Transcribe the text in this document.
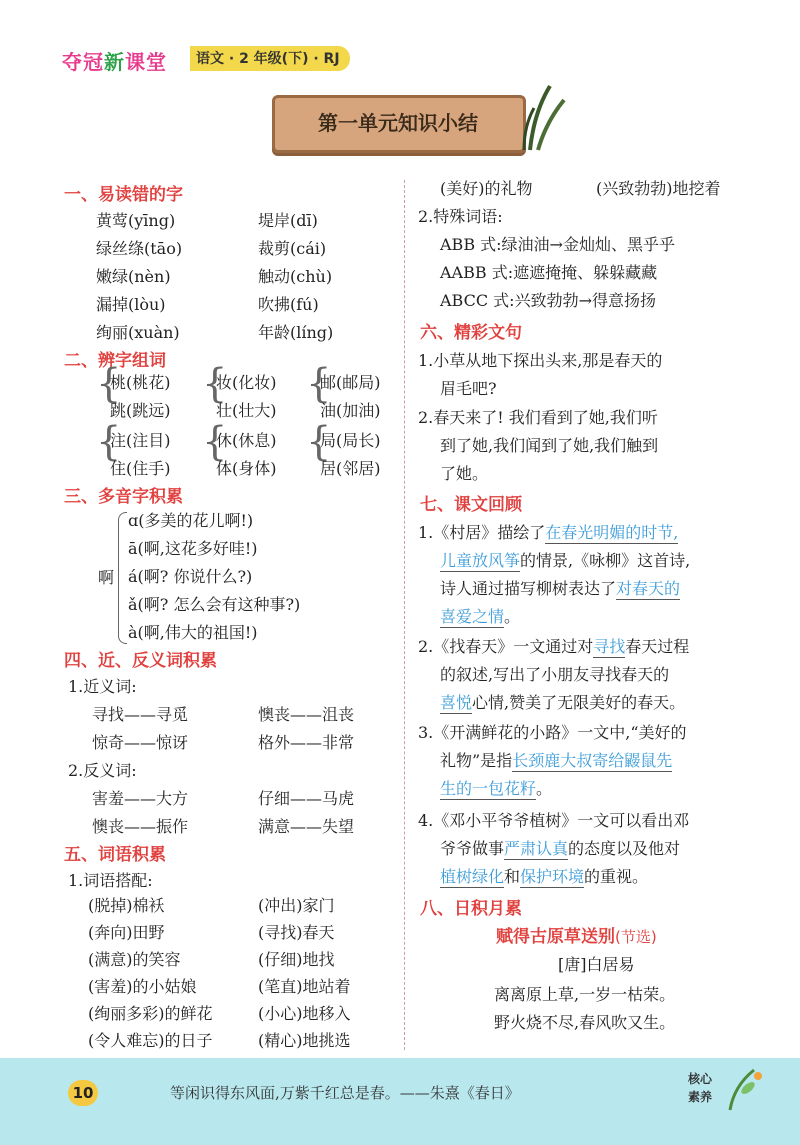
夺冠新课堂	语文 · 2 年级(下) · RJ
第一单元知识小结
一、易读错的字
黄莺(yīng)	堤岸(dī)
绿丝绦(tāo)	裁剪(cái)
嫩绿(nèn)	触动(chù)
漏掉(lòu)	吹拂(fú)
绚丽(xuàn)	年龄(líng)
二、辨字组词
{ { {
{ { {
桃(桃花)	妆(化妆)	邮(邮局)
跳(跳远)	壮(壮大)	油(加油)
注(注目)	休(休息)	局(局长)
住(住手)	体(身体)	居(邻居)
三、多音字积累
啊
ɑ(多美的花儿啊!)
ā(啊,这花多好哇!)
á(啊? 你说什么?)
ǎ(啊? 怎么会有这种事?)
à(啊,伟大的祖国!)
四、近、反义词积累
1.近义词:
寻找——寻觅	懊丧——沮丧
惊奇——惊讶	格外——非常
2.反义词:
害羞——大方	仔细——马虎
懊丧——振作	满意——失望
五、词语积累
1.词语搭配:
(脱掉)棉袄	(冲出)家门
(奔向)田野	(寻找)春天
(满意)的笑容	(仔细)地找
(害羞)的小姑娘	(笔直)地站着
(绚丽多彩)的鲜花	(小心)地移入
(令人难忘)的日子	(精心)地挑选
(美好)的礼物	(兴致勃勃)地挖着
2.特殊词语:
ABB 式:绿油油→金灿灿、黑乎乎
AABB 式:遮遮掩掩、躲躲藏藏
ABCC 式:兴致勃勃→得意扬扬
六、精彩文句
1.小草从地下探出头来,那是春天的
眉毛吧?
2.春天来了! 我们看到了她,我们听
到了她,我们闻到了她,我们触到
了她。
七、课文回顾
1.《村居》描绘了在春光明媚的时节,
儿童放风筝的情景,《咏柳》这首诗,
诗人通过描写柳树表达了对春天的
喜爱之情。
2.《找春天》一文通过对寻找春天过程
的叙述,写出了小朋友寻找春天的
喜悦心情,赞美了无限美好的春天。
3.《开满鲜花的小路》一文中,“美好的
礼物”是指长颈鹿大叔寄给鼹鼠先
生的一包花籽。
4.《邓小平爷爷植树》一文可以看出邓
爷爷做事严肃认真的态度以及他对
植树绿化和保护环境的重视。
八、日积月累
赋得古原草送别(节选)
[唐]白居易
离离原上草,一岁一枯荣。
野火烧不尽,春风吹又生。
10	等闲识得东风面,万紫千红总是春。——朱熹《春日》
核心
素养
